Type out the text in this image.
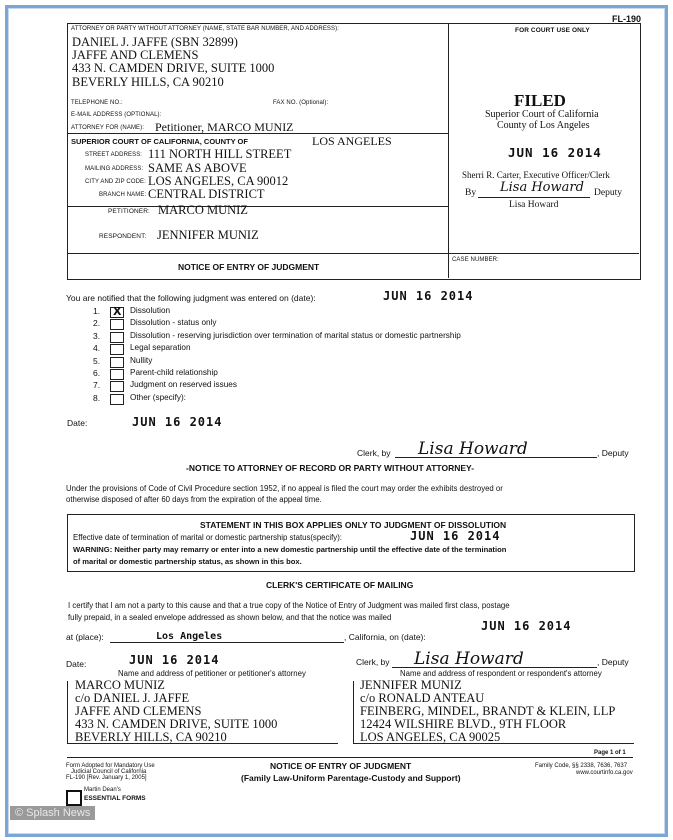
FL-190
ATTORNEY OR PARTY WITHOUT ATTORNEY (NAME, STATE BAR NUMBER, AND ADDRESS):	FOR COURT USE ONLY
DANIEL J. JAFFE (SBN 32899)
JAFFE AND CLEMENS
433 N. CAMDEN DRIVE, SUITE 1000
BEVERLY HILLS, CA 90210
TELEPHONE NO.:	FAX NO. (Optional):
E-MAIL ADDRESS (OPTIONAL):
ATTORNEY FOR (NAME): Petitioner, MARCO MUNIZ
SUPERIOR COURT OF CALIFORNIA, COUNTY OF	LOS ANGELES
STREET ADDRESS: 111 NORTH HILL STREET
MAILING ADDRESS: SAME AS ABOVE
CITY AND ZIP CODE: LOS ANGELES, CA 90012
BRANCH NAME: CENTRAL DISTRICT
PETITIONER: MARCO MUNIZ
RESPONDENT: JENNIFER MUNIZ
NOTICE OF ENTRY OF JUDGMENT
CASE NUMBER:
FILED
Superior Court of California
County of Los Angeles
JUN 16 2014
Sherri R. Carter, Executive Officer/Clerk
By Lisa Howard Deputy
Lisa Howard
You are notified that the following judgment was entered on (date):	JUN 16 2014
1. X Dissolution
2.	Dissolution - status only
3.	Dissolution - reserving jurisdiction over termination of marital status or domestic partnership
4.	Legal separation
5.	Nullity
6.	Parent-child relationship
7.	Judgment on reserved issues
8.	Other (specify):
Date:	JUN 16 2014
Clerk, by Lisa Howard	, Deputy
-NOTICE TO ATTORNEY OF RECORD OR PARTY WITHOUT ATTORNEY-
Under the provisions of Code of Civil Procedure section 1952, if no appeal is filed the court may order the exhibits destroyed or
otherwise disposed of after 60 days from the expiration of the appeal time.
STATEMENT IN THIS BOX APPLIES ONLY TO JUDGMENT OF DISSOLUTION
Effective date of termination of marital or domestic partnership status(specify):	JUN 16 2014
WARNING: Neither party may remarry or enter into a new domestic partnership until the effective date of the termination
of marital or domestic partnership status, as shown in this box.
CLERK'S CERTIFICATE OF MAILING
I certify that I am not a party to this cause and that a true copy of the Notice of Entry of Judgment was mailed first class, postage
fully prepaid, in a sealed envelope addressed as shown below, and that the notice was mailed
JUN 16 2014
at (place):	Los Angeles	, California, on (date):
Date:	JUN 16 2014	Clerk, by Lisa Howard	, Deputy
Name and address of petitioner or petitioner's attorney	Name and address of respondent or respondent's attorney
MARCO MUNIZ
c/o DANIEL J. JAFFE
JAFFE AND CLEMENS
433 N. CAMDEN DRIVE, SUITE 1000
BEVERLY HILLS, CA 90210
JENNIFER MUNIZ
c/o RONALD ANTEAU
FEINBERG, MINDEL, BRANDT & KLEIN, LLP
12424 WILSHIRE BLVD., 9TH FLOOR
LOS ANGELES, CA 90025
Page 1 of 1
Form Adopted for Mandatory Use
Judicial Council of California
FL-190 [Rev. January 1, 2005]
NOTICE OF ENTRY OF JUDGMENT
(Family Law-Uniform Parentage-Custody and Support)
Family Code, §§ 2338, 7636, 7637
www.courtinfo.ca.gov
Martin Dean's
ESSENTIAL FORMS
© Splash News
